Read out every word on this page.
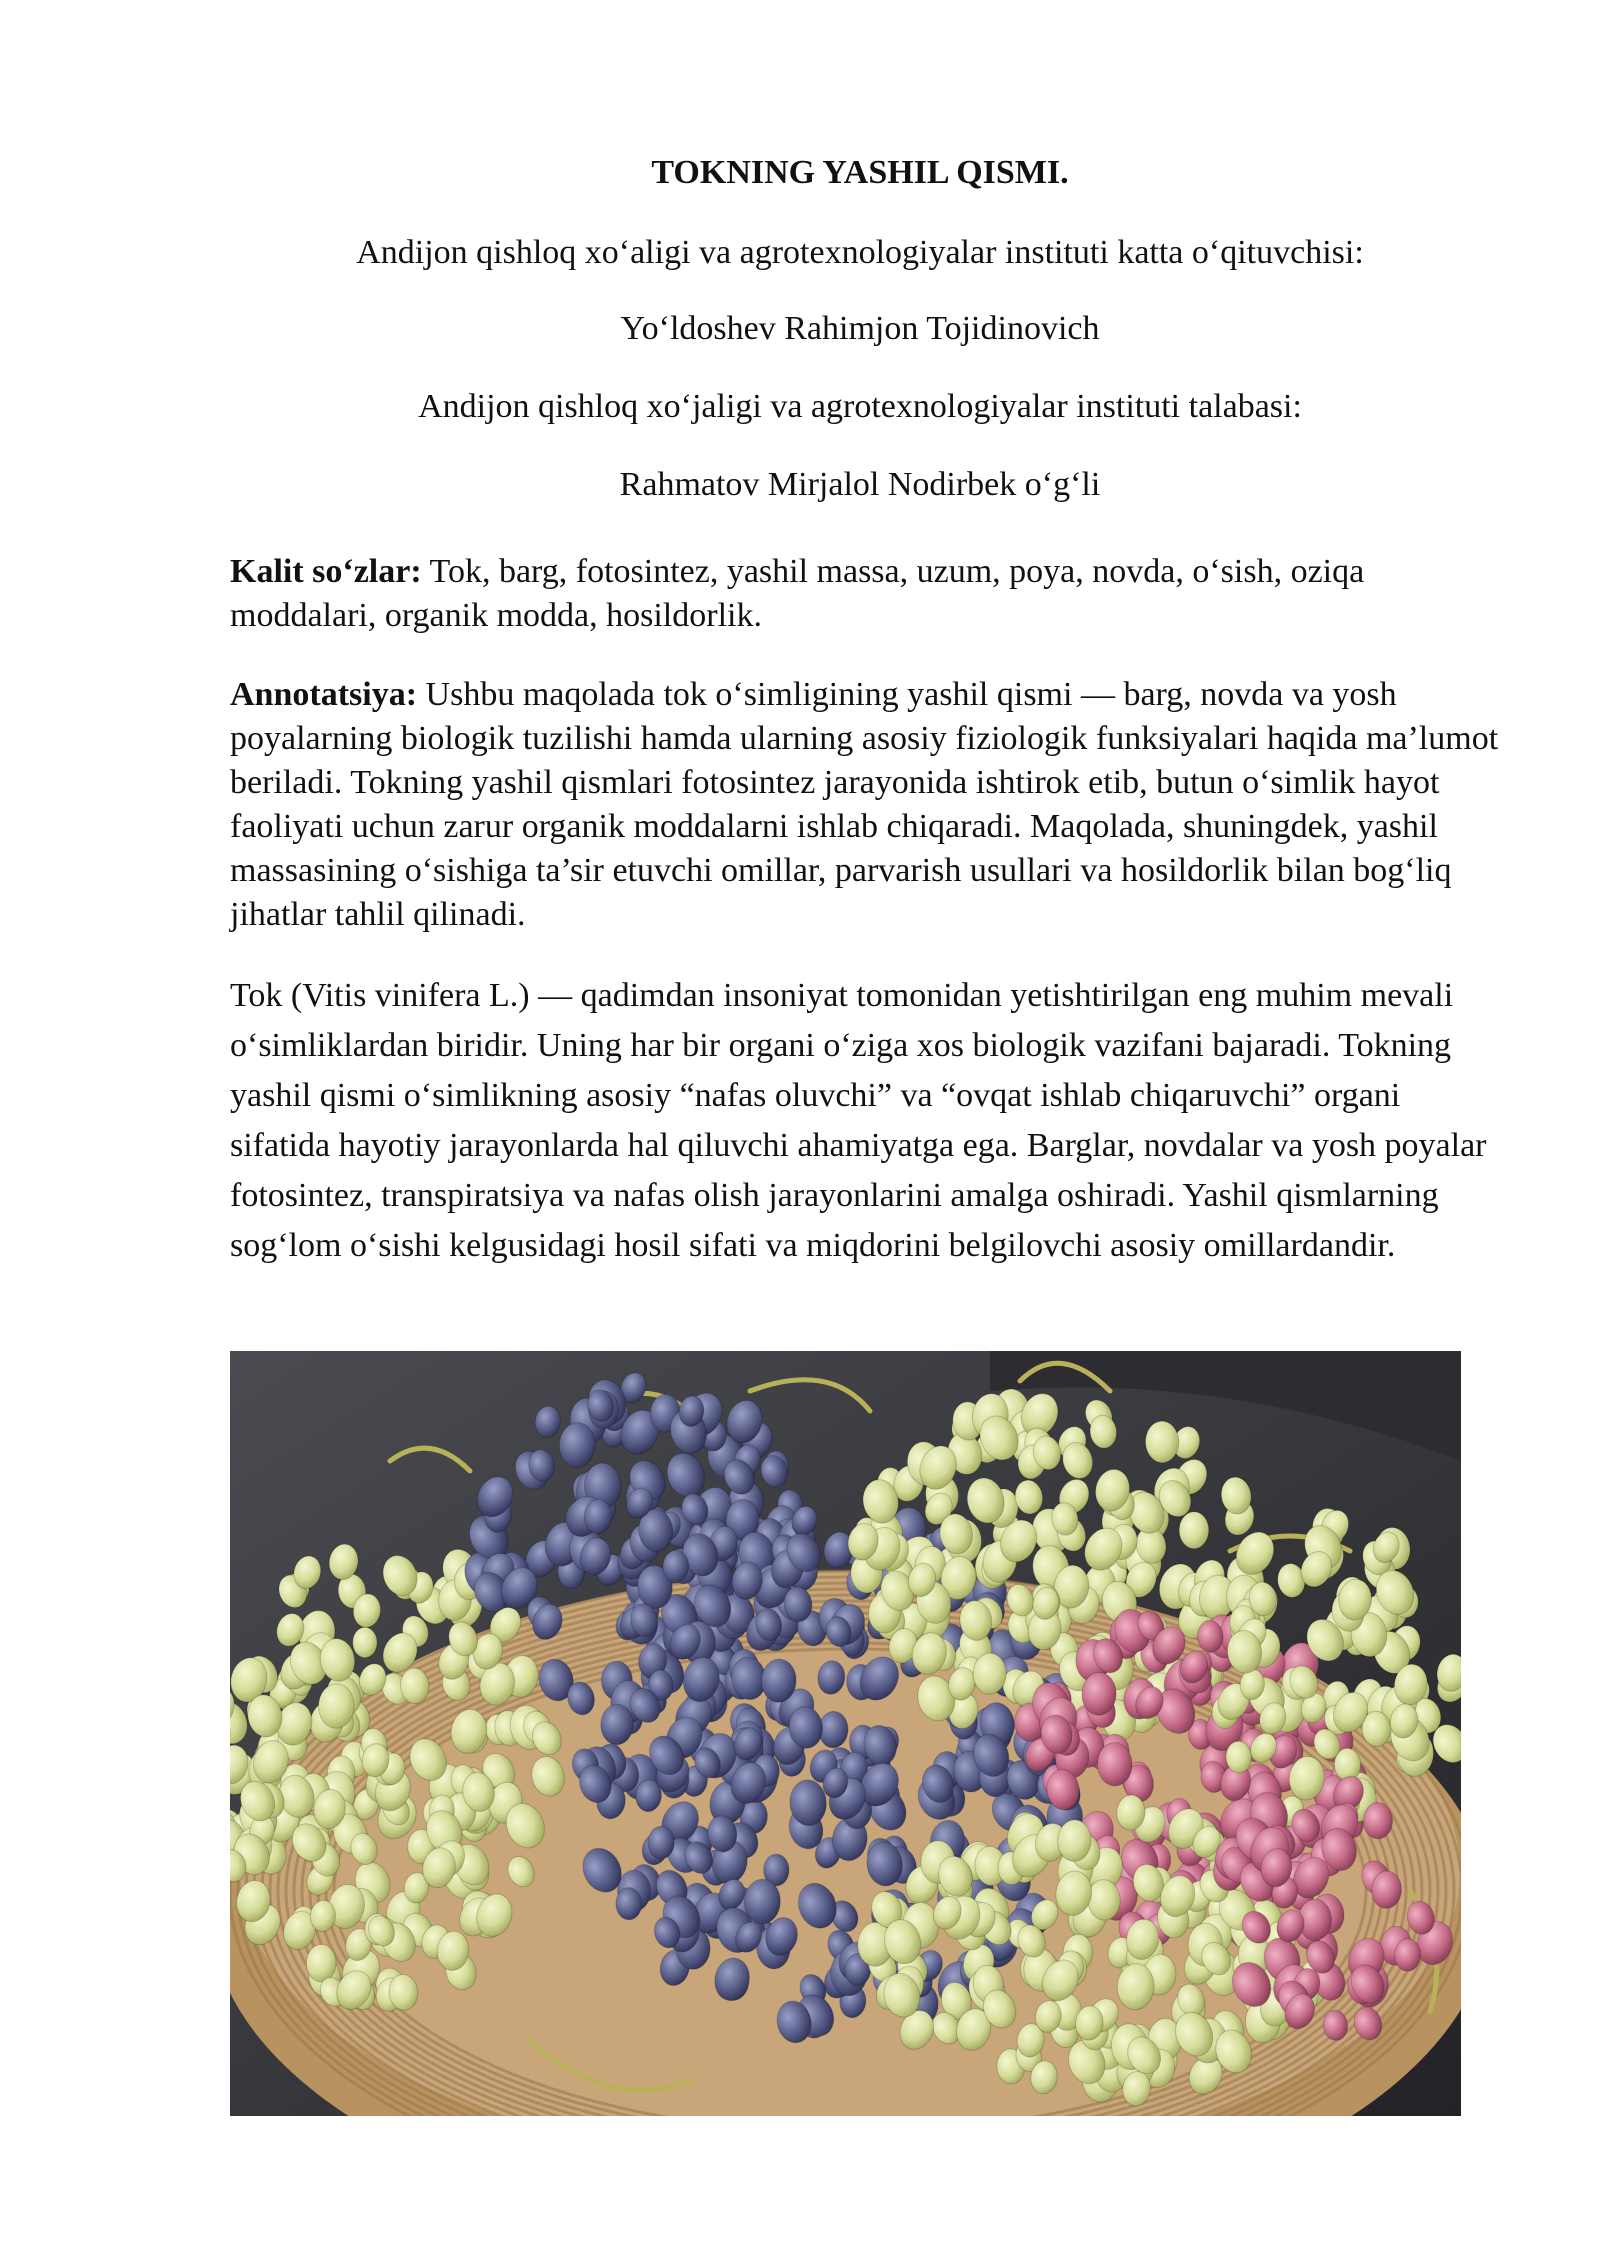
TOKNING YASHIL QISMI.

Andijon qishloq xo‘aligi va agrotexnologiyalar instituti katta o‘qituvchisi:

Yo‘ldoshev Rahimjon Tojidinovich

Andijon qishloq xo‘jaligi va agrotexnologiyalar instituti talabasi:

Rahmatov Mirjalol Nodirbek o‘g‘li

Kalit so‘zlar: Tok, barg, fotosintez, yashil massa, uzum, poya, novda, o‘sish, oziqa moddalari, organik modda, hosildorlik.

Annotatsiya: Ushbu maqolada tok o‘simligining yashil qismi — barg, novda va yosh poyalarning biologik tuzilishi hamda ularning asosiy fiziologik funksiyalari haqida ma’lumot beriladi. Tokning yashil qismlari fotosintez jarayonida ishtirok etib, butun o‘simlik hayot faoliyati uchun zarur organik moddalarni ishlab chiqaradi. Maqolada, shuningdek, yashil massasining o‘sishiga ta’sir etuvchi omillar, parvarish usullari va hosildorlik bilan bog‘liq jihatlar tahlil qilinadi.

Tok (Vitis vinifera L.) — qadimdan insoniyat tomonidan yetishtirilgan eng muhim mevali o‘simliklardan biridir. Uning har bir organi o‘ziga xos biologik vazifani bajaradi. Tokning yashil qismi o‘simlikning asosiy “nafas oluvchi” va “ovqat ishlab chiqaruvchi” organi sifatida hayotiy jarayonlarda hal qiluvchi ahamiyatga ega. Barglar, novdalar va yosh poyalar fotosintez, transpiratsiya va nafas olish jarayonlarini amalga oshiradi. Yashil qismlarning sog‘lom o‘sishi kelgusidagi hosil sifati va miqdorini belgilovchi asosiy omillardandir.
